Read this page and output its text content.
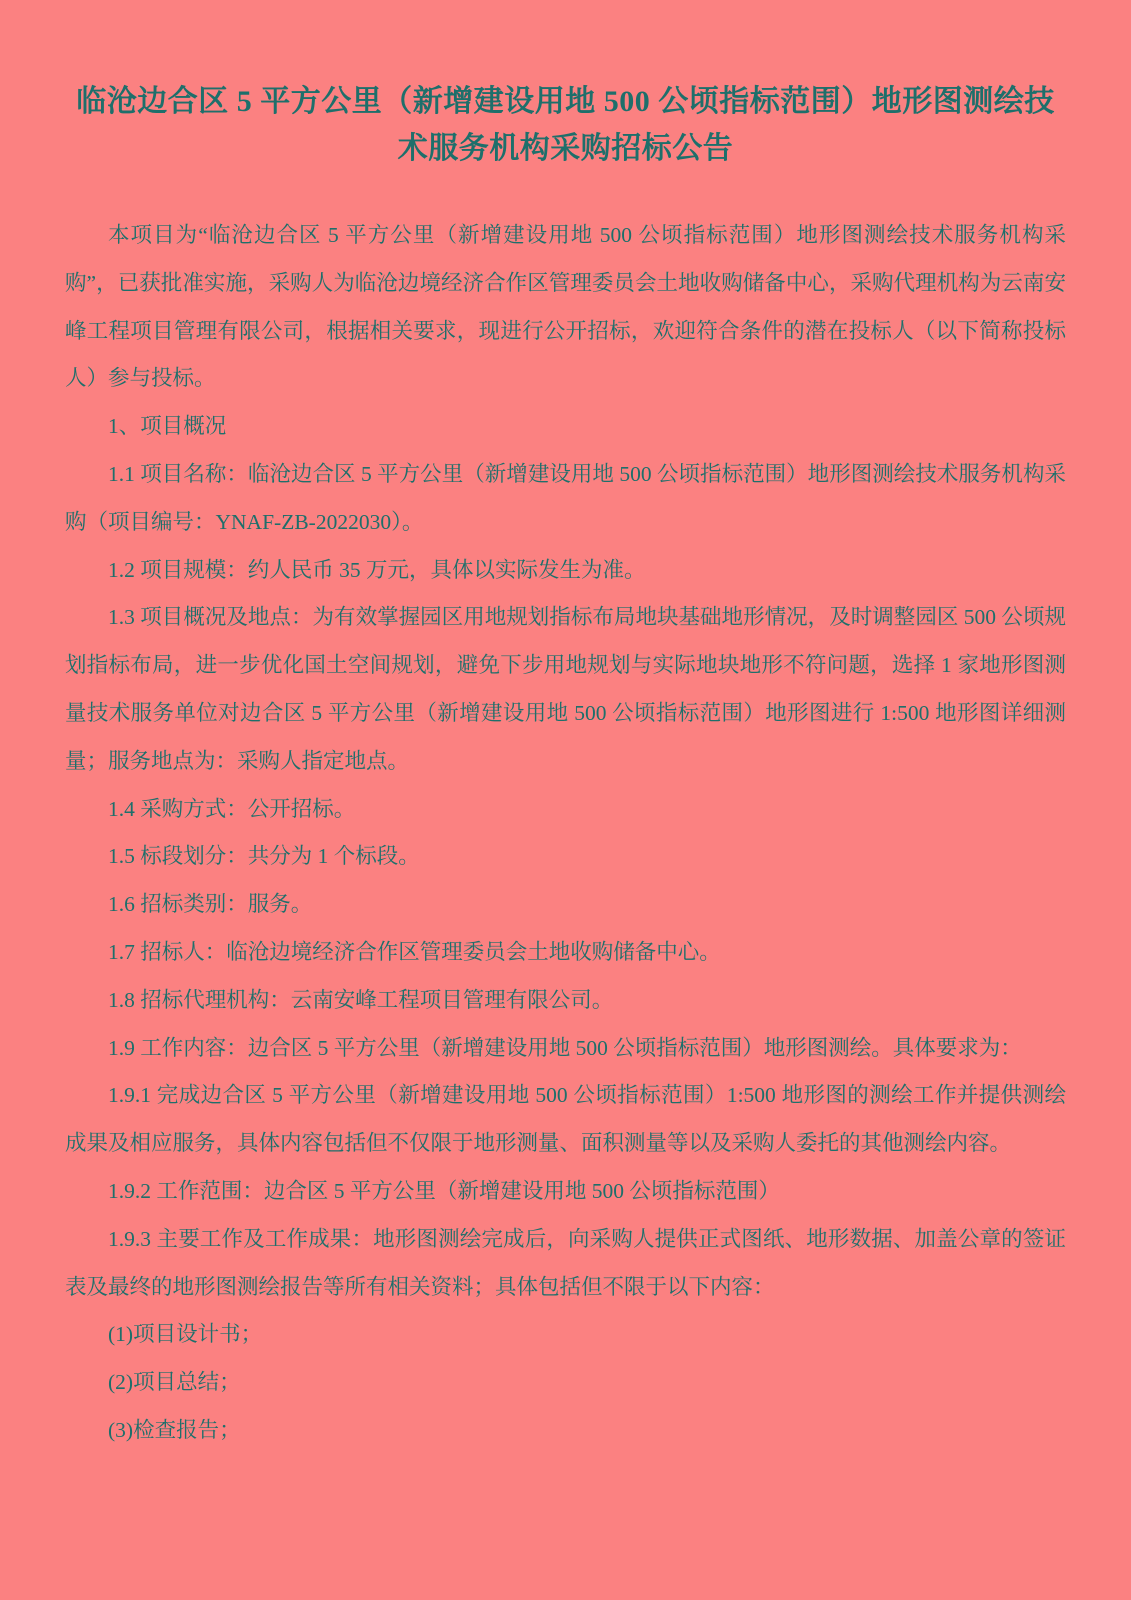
临沧边合区 5 平方公里（新增建设用地 500 公顷指标范围）地形图测绘技术服务机构采购招标公告

本项目为“临沧边合区 5 平方公里（新增建设用地 500 公顷指标范围）地形图测绘技术服务机构采购”，已获批准实施，采购人为临沧边境经济合作区管理委员会土地收购储备中心，采购代理机构为云南安峰工程项目管理有限公司，根据相关要求，现进行公开招标，欢迎符合条件的潜在投标人（以下简称投标人）参与投标。

1、项目概况

1.1 项目名称：临沧边合区 5 平方公里（新增建设用地 500 公顷指标范围）地形图测绘技术服务机构采购（项目编号：YNAF-ZB-2022030）。

1.2 项目规模：约人民币 35 万元，具体以实际发生为准。

1.3 项目概况及地点：为有效掌握园区用地规划指标布局地块基础地形情况，及时调整园区 500 公顷规划指标布局，进一步优化国土空间规划，避免下步用地规划与实际地块地形不符问题，选择 1 家地形图测量技术服务单位对边合区 5 平方公里（新增建设用地 500 公顷指标范围）地形图进行 1:500 地形图详细测量；服务地点为：采购人指定地点。

1.4 采购方式：公开招标。

1.5 标段划分：共分为 1 个标段。

1.6 招标类别：服务。

1.7 招标人：临沧边境经济合作区管理委员会土地收购储备中心。

1.8 招标代理机构：云南安峰工程项目管理有限公司。

1.9 工作内容：边合区 5 平方公里（新增建设用地 500 公顷指标范围）地形图测绘。具体要求为：

1.9.1 完成边合区 5 平方公里（新增建设用地 500 公顷指标范围）1:500 地形图的测绘工作并提供测绘成果及相应服务，具体内容包括但不仅限于地形测量、面积测量等以及采购人委托的其他测绘内容。

1.9.2 工作范围：边合区 5 平方公里（新增建设用地 500 公顷指标范围）

1.9.3 主要工作及工作成果：地形图测绘完成后，向采购人提供正式图纸、地形数据、加盖公章的签证表及最终的地形图测绘报告等所有相关资料；具体包括但不限于以下内容：

(1)项目设计书；

(2)项目总结；

(3)检查报告；
